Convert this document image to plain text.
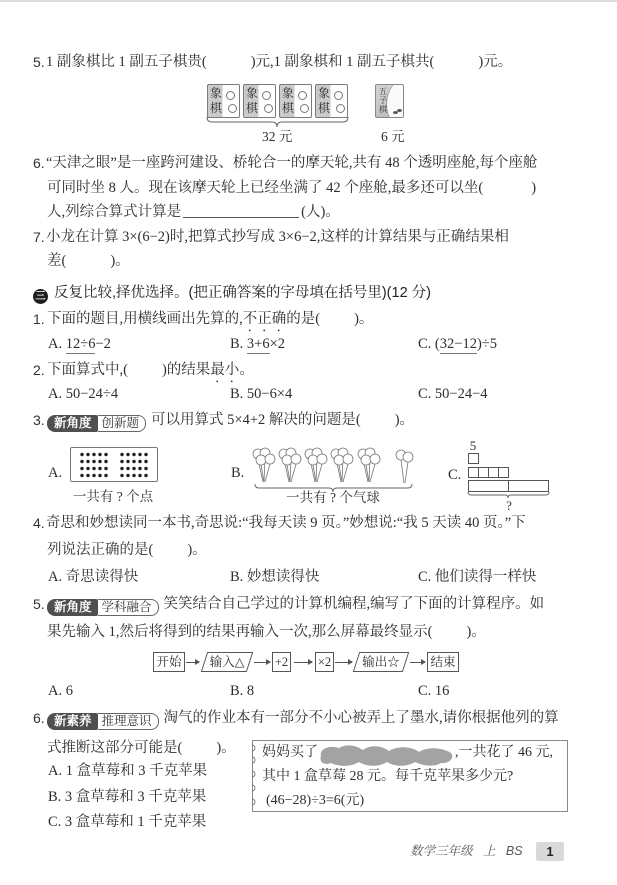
5. 1 副象棋比 1 副五子棋贵(	)元,1 副象棋和 1 副五子棋共(	)元。
象
棋
象
棋
象
棋
象
棋
32 元
五子棋
6 元
6. “天津之眼”是一座跨河建设、桥轮合一的摩天轮,共有 48 个透明座舱,每个座舱
可同时坐 8 人。现在该摩天轮上已经坐满了 42 个座舱,最多还可以坐(	)
人,列综合算式计算是	(人)。
7. 小龙在计算 3×(6−2)时,把算式抄写成 3×6−2,这样的计算结果与正确结果相
差(	)。
三 反复比较,择优选择。(把正确答案的字母填在括号里)(12 分)
1. 下面的题目,用横线画出先算的,不正确的是( )。
A. 12÷6−2	B. 3+6×2	C. (32−12)÷5
2. 下面算式中,( )的结果最小。
A. 50−24÷4	B. 50−6×4	C. 50−24−4
3. 新角度 创新题 可以用算式 5×4+2 解决的问题是( )。
A.
一共有 ? 个点
B.
一共有 ? 个气球
C.
5
?
4. 奇思和妙想读同一本书,奇思说:“我每天读 9 页。”妙想说:“我 5 天读 40 页。”下
列说法正确的是( )。
A. 奇思读得快	B. 妙想读得快	C. 他们读得一样快
5. 新角度 学科融合 笑笑结合自己学过的计算机编程,编写了下面的计算程序。如
果先输入 1,然后将得到的结果再输入一次,那么屏幕最终显示( )。
开始	输入△	+2 ×2	输出☆	结束
A. 6	B. 8	C. 16
6. 新素养 推理意识 淘气的作业本有一部分不小心被弄上了墨水,请你根据他列的算
式推断这部分可能是( )。
A. 1 盒草莓和 3 千克苹果
B. 3 盒草莓和 3 千克苹果
C. 3 盒草莓和 1 千克苹果
妈妈买了	,一共花了 46 元,
其中 1 盒草莓 28 元。每千克苹果多少元?
(46−28)÷3=6(元)
数学三年级 上 BS	1
